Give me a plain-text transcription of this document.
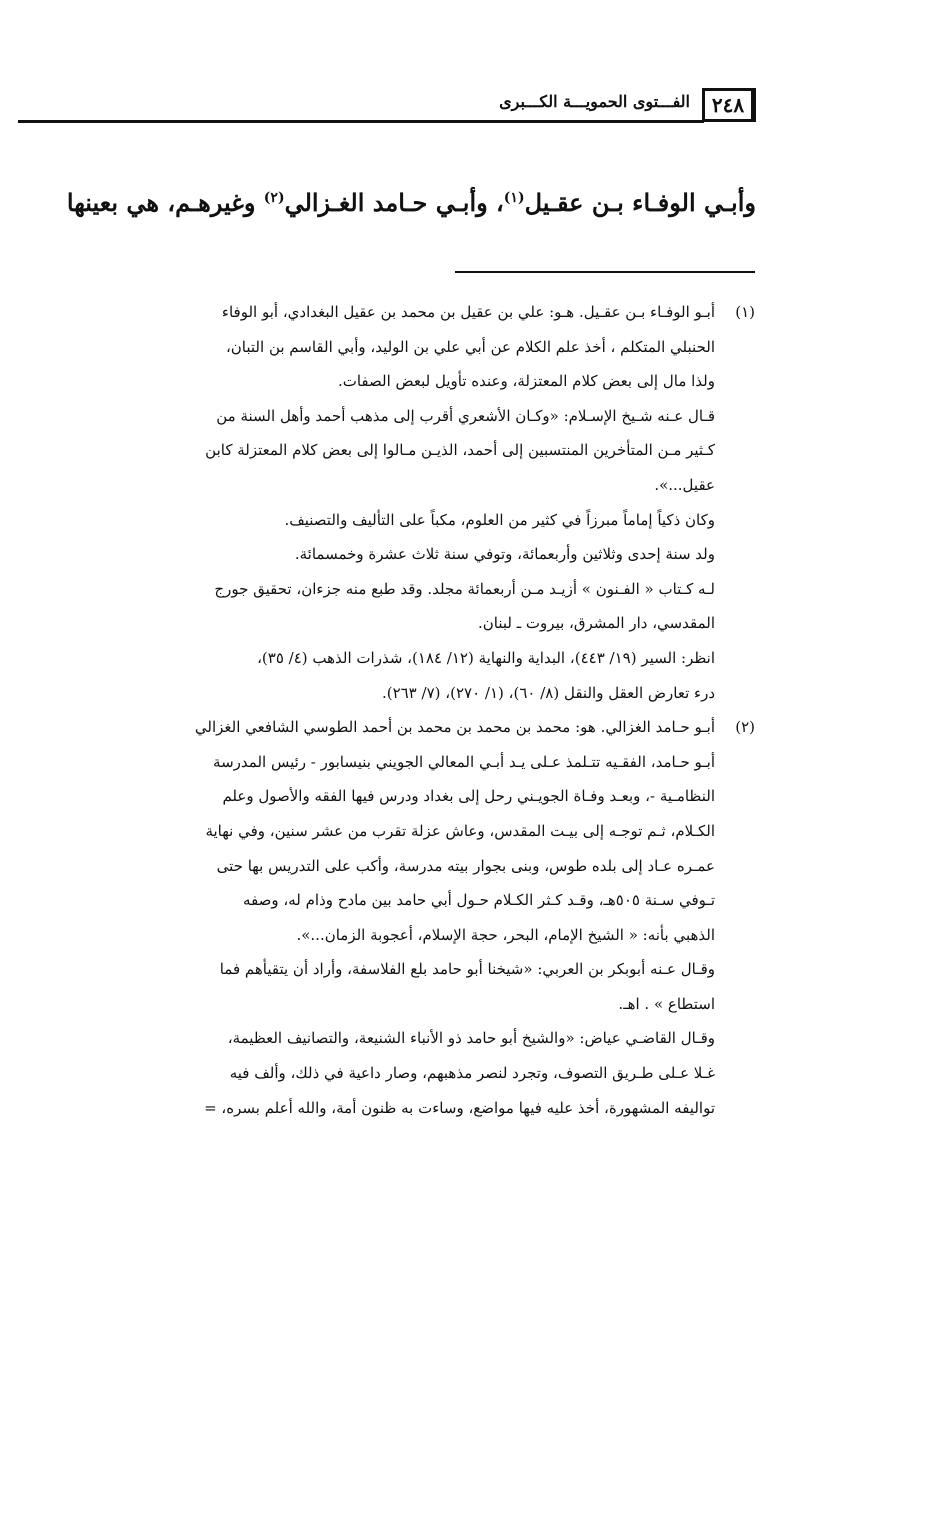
الفـــتوى الحمويـــة الكـــبرى	٢٤٨
وأبـي الوفـاء بـن عقـيل$^{(١)}$، وأبـي حـامد الغـزالي$^{(٢)}$ وغيرهـم، هي بعينها
(١)أبـو الوفـاء بـن عقـيل. هـو: علي بن عقيل بن محمد بن عقيل البغدادي، أبو الوفاء
الحنبلي المتكلم ، أخذ علم الكلام عن أبي علي بن الوليد، وأبي القاسم بن التبان،
ولذا مال إلى بعض كلام المعتزلة، وعنده تأويل لبعض الصفات.
قـال عـنه شـيخ الإسـلام: «وكـان الأشعري أقرب إلى مذهب أحمد وأهل السنة من
كـثير مـن المتأخرين المنتسبين إلى أحمد، الذيـن مـالوا إلى بعض كلام المعتزلة كابن
عقيل...».
وكان ذكياً إماماً مبرزاً في كثير من العلوم، مكباً على التأليف والتصنيف.
ولد سنة إحدى وثلاثين وأربعمائة، وتوفي سنة ثلاث عشرة وخمسمائة.
لـه كـتاب « الفـنون » أزيـد مـن أربعمائة مجلد. وقد طبع منه جزءان، تحقيق جورج
المقدسي، دار المشرق، بيروت ـ لبنان.
انظر: السير (١٩/ ٤٤٣)، البداية والنهاية (١٢/ ١٨٤)، شذرات الذهب (٤/ ٣٥)،
درء تعارض العقل والنقل (٨/ ٦٠)، (١/ ٢٧٠)، (٧/ ٢٦٣).
(٢)أبـو حـامد الغزالي. هو: محمد بن محمد بن محمد بن أحمد الطوسي الشافعي الغزالي
أبـو حـامد، الفقـيه تتـلمذ عـلى يـد أبـي المعالي الجويني بنيسابور - رئيس المدرسة
النظامـية -، وبعـد وفـاة الجويـني رحل إلى بغداد ودرس فيها الفقه والأصول وعلم
الكـلام، ثـم توجـه إلى بيـت المقدس، وعاش عزلة تقرب من عشر سنين، وفي نهاية
عمـره عـاد إلى بلده طوس، وبنى بجوار بيته مدرسة، وأكب على التدريس بها حتى
تـوفي سـنة ٥٠٥هـ، وقـد كـثر الكـلام حـول أبي حامد بين مادح وذام له، وصفه
الذهبي بأنه: « الشيخ الإمام، البحر، حجة الإسلام، أعجوبة الزمان...».
وقـال عـنه أبوبكر بن العربي: «شيخنا أبو حامد بلع الفلاسفة، وأراد أن يتقيأهم فما
استطاع » . اهـ.
وقـال القاضـي عياض: «والشيخ أبو حامد ذو الأنباء الشنيعة، والتصانيف العظيمة،
غـلا عـلى طـريق التصوف، وتجرد لنصر مذهبهم، وصار داعية في ذلك، وألف فيه
تواليفه المشهورة، أخذ عليه فيها مواضع، وساءت به ظنون أمة، والله أعلم بسره، =
